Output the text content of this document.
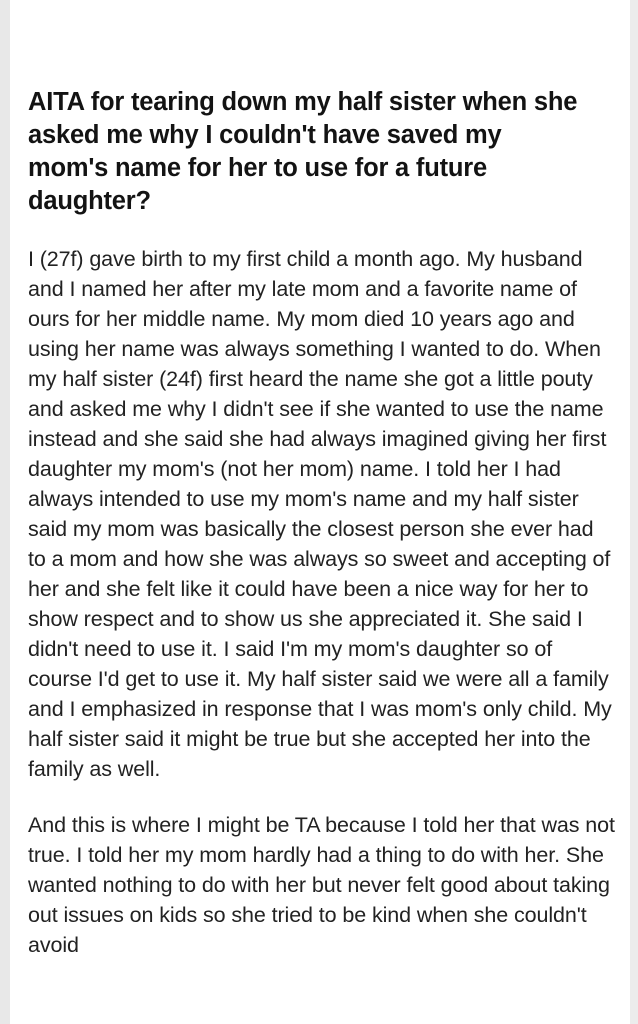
AITA for tearing down my half sister when she asked me why I couldn't have saved my mom's name for her to use for a future daughter?

I (27f) gave birth to my first child a month ago. My husband and I named her after my late mom and a favorite name of ours for her middle name. My mom died 10 years ago and using her name was always something I wanted to do. When my half sister (24f) first heard the name she got a little pouty and asked me why I didn't see if she wanted to use the name instead and she said she had always imagined giving her first daughter my mom's (not her mom) name. I told her I had always intended to use my mom's name and my half sister said my mom was basically the closest person she ever had to a mom and how she was always so sweet and accepting of her and she felt like it could have been a nice way for her to show respect and to show us she appreciated it. She said I didn't need to use it. I said I'm my mom's daughter so of course I'd get to use it. My half sister said we were all a family and I emphasized in response that I was mom's only child. My half sister said it might be true but she accepted her into the family as well.

And this is where I might be TA because I told her that was not true. I told her my mom hardly had a thing to do with her. She wanted nothing to do with her but never felt good about taking out issues on kids so she tried to be kind when she couldn't avoid
